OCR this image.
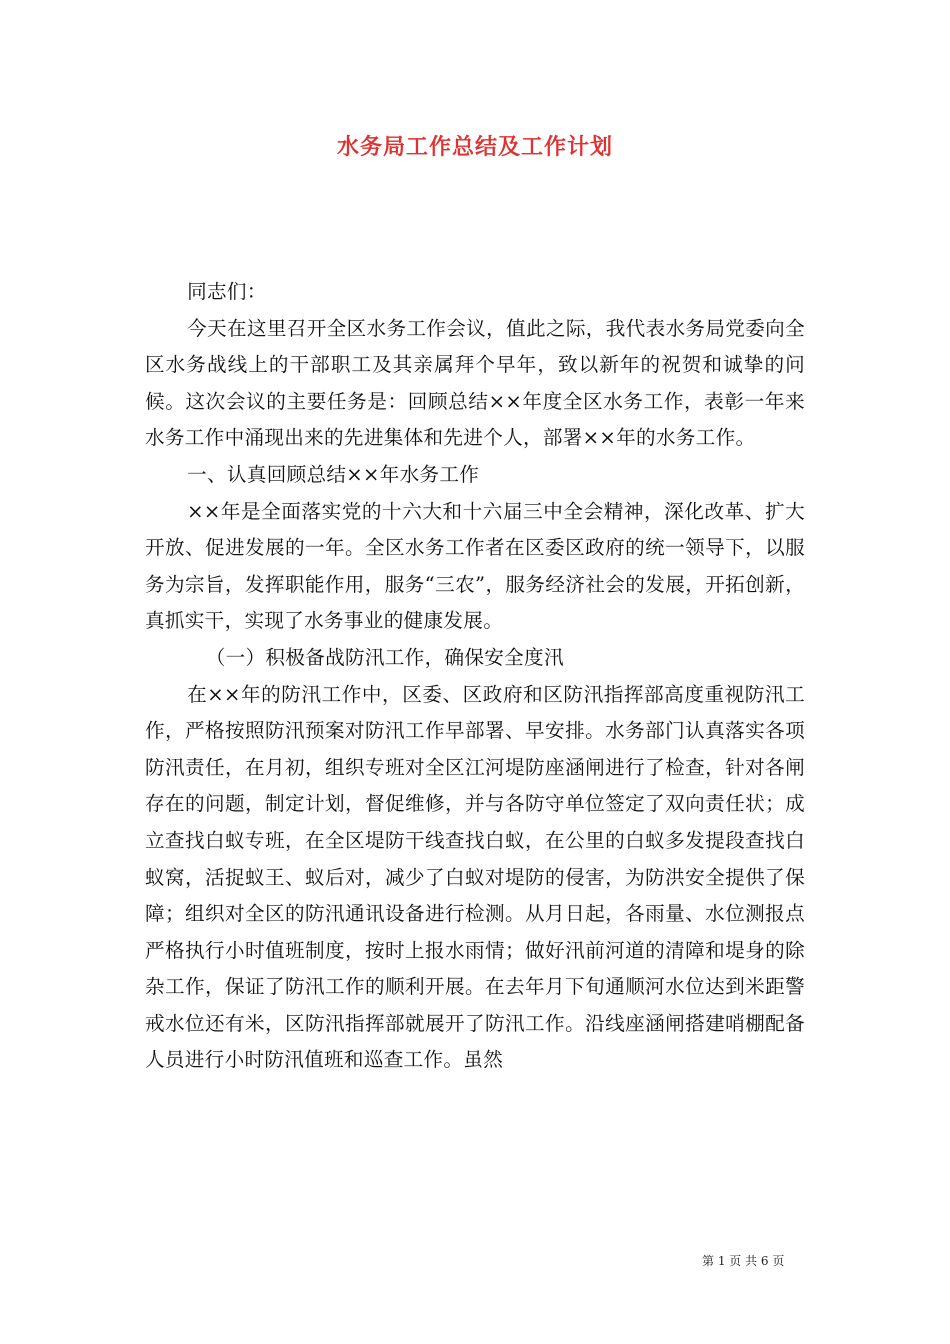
水务局工作总结及工作计划

同志们：

今天在这里召开全区水务工作会议，值此之际，我代表水务局党委向全区水务战线上的干部职工及其亲属拜个早年，致以新年的祝贺和诚挚的问候。这次会议的主要任务是：回顾总结××年度全区水务工作，表彰一年来水务工作中涌现出来的先进集体和先进个人，部署××年的水务工作。

一、认真回顾总结××年水务工作

××年是全面落实党的十六大和十六届三中全会精神，深化改革、扩大开放、促进发展的一年。全区水务工作者在区委区政府的统一领导下，以服务为宗旨，发挥职能作用，服务“三农”，服务经济社会的发展，开拓创新，真抓实干，实现了水务事业的健康发展。

（一）积极备战防汛工作，确保安全度汛

在××年的防汛工作中，区委、区政府和区防汛指挥部高度重视防汛工作，严格按照防汛预案对防汛工作早部署、早安排。水务部门认真落实各项防汛责任，在月初，组织专班对全区江河堤防座涵闸进行了检查，针对各闸存在的问题，制定计划，督促维修，并与各防守单位签定了双向责任状；成立查找白蚁专班，在全区堤防干线查找白蚁，在公里的白蚁多发提段查找白蚁窝，活捉蚁王、蚁后对，减少了白蚁对堤防的侵害，为防洪安全提供了保障；组织对全区的防汛通讯设备进行检测。从月日起，各雨量、水位测报点严格执行小时值班制度，按时上报水雨情；做好汛前河道的清障和堤身的除杂工作，保证了防汛工作的顺利开展。在去年月下旬通顺河水位达到米距警戒水位还有米，区防汛指挥部就展开了防汛工作。沿线座涵闸搭建哨棚配备人员进行小时防汛值班和巡查工作。虽然

第 1 页 共 6 页
